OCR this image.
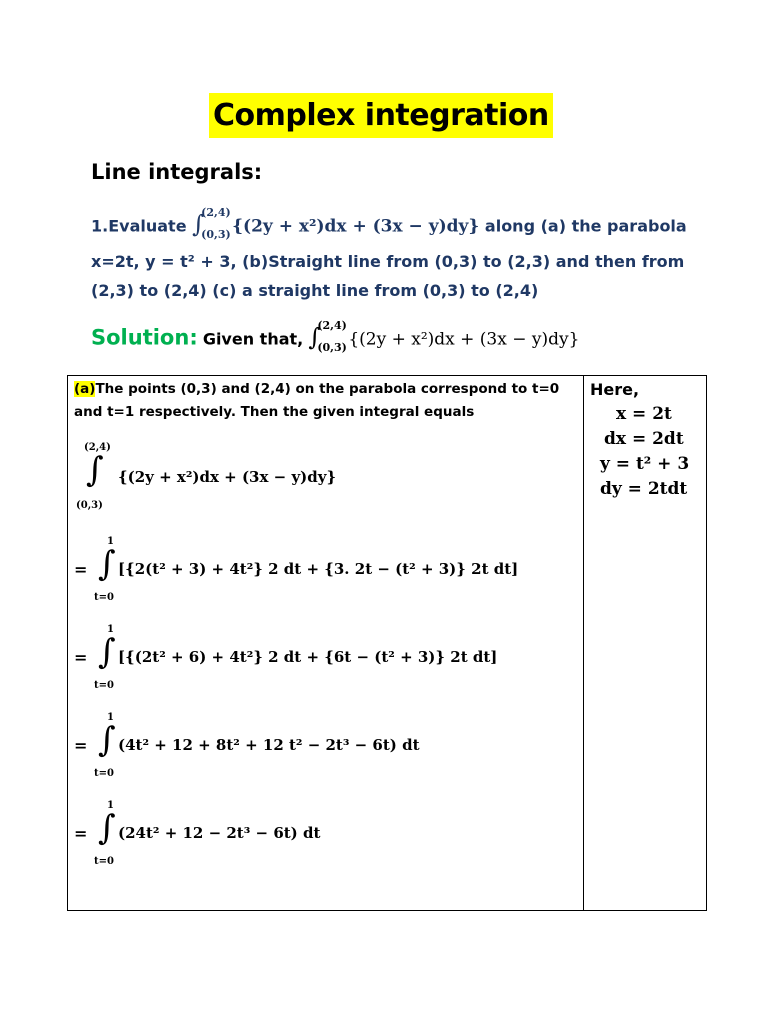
Complex integration
Line integrals:
1.Evaluate ∫
(2,4)
(0,3) {(2y + x²)dx + (3x − y)dy} along (a) the parabola
x=2t, y = t² + 3, (b)Straight line from (0,3) to (2,3) and then from
(2,3) to (2,4) (c) a straight line from (0,3) to (2,4)
Solution: Given that, ∫
(2,4)
(0,3) {(2y + x²)dx + (3x − y)dy}
(a)The points (0,3) and (2,4) on the parabola correspond to t=0 and t=1 respectively. Then the given integral equals
(2,4)
∫
(0,3)
{(2y + x²)dx + (3x − y)dy}
1
= ∫
t=0
[{2(t² + 3) + 4t²} 2 dt + {3. 2t − (t² + 3)} 2t dt]
1
= ∫
t=0
[{(2t² + 6) + 4t²} 2 dt + {6t − (t² + 3)} 2t dt]
1
= ∫
t=0
(4t² + 12 + 8t² + 12 t² − 2t³ − 6t) dt
1
= ∫
t=0
(24t² + 12 − 2t³ − 6t) dt

Here,
x = 2t
dx = 2dt
y = t² + 3
dy = 2tdt
